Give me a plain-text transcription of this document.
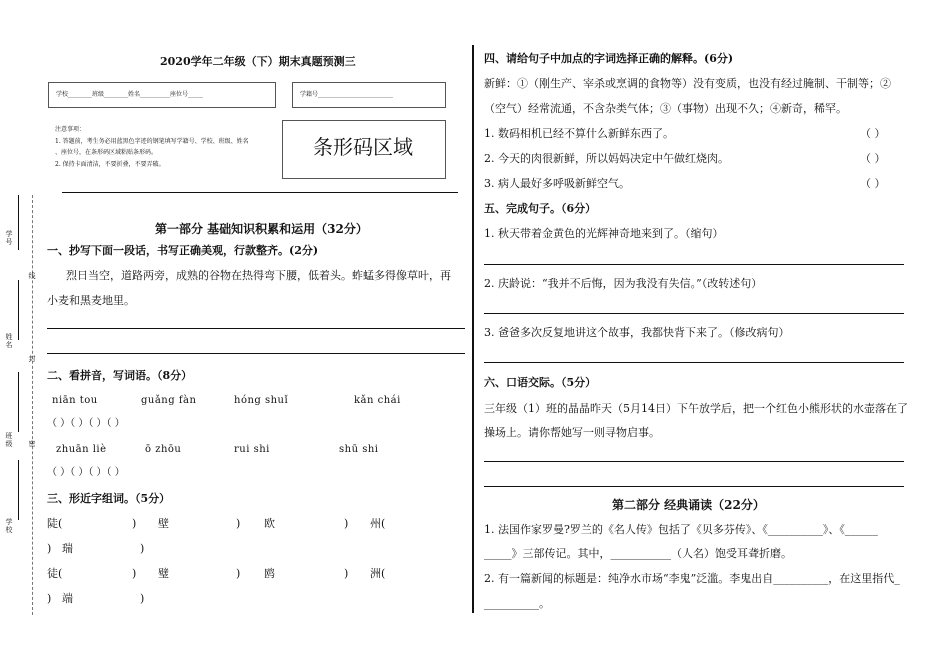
学号
线
姓名
封
班级 密
学校
2020学年二年级（下）期末真题预测三
学校________班级________姓名__________座位号_____	学籍号_________________________
注意事项：
1. 答题前，考生务必用蓝黑色字迹的钢笔填写学籍号、学校、班级、姓名
、座位号，在条形码区域粘贴条形码。
2. 保持卡面清洁，不要折叠，不要弄破。
条形码区域
第一部分 基础知识积累和运用（32分）
一、抄写下面一段话，书写正确美观，行款整齐。(2分)
烈日当空，道路两旁，成熟的谷物在热得弯下腰，低着头。蚱蜢多得像草叶，再
小麦和黑麦地里。
二、看拼音，写词语。（8分）
niān tou	guǎng fàn	hóng shuǐ	kǎn chái
（ ）（ ）（ ）（ ）
zhuān liè	ō zhōu	rui shi	shū shi
（ ）（ ）（ ）（ ）
三、形近字组词。（5分）
陡(	) 壁	) 欧	) 州(
) 瑞	)
徒(	) 璧	) 鸥	) 洲(
) 端	)
四、请给句子中加点的字词选择正确的解释。(6分)
新鲜：①（刚生产、宰杀或烹调的食物等）没有变质，也没有经过腌制、干制等；②
（空气）经常流通，不含杂类气体；③（事物）出现不久；④新奇，稀罕。
1. 数码相机已经不算什么新鲜东西了。	（ ）
2. 今天的肉很新鲜，所以妈妈决定中午做红烧肉。	（ ）
3. 病人最好多呼吸新鲜空气。	（ ）
五、完成句子。（6分）
1. 秋天带着金黄色的光辉神奇地来到了。（缩句）
2. 庆龄说：“我并不后悔，因为我没有失信。”（改转述句）
3. 爸爸多次反复地讲这个故事，我都快背下来了。（修改病句）
六、口语交际。（5分）
三年级（1）班的晶晶昨天（5月14日）下午放学后，把一个红色小熊形状的水壶落在了
操场上。请你帮她写一则寻物启事。
第二部分 经典诵读（22分）
1. 法国作家罗曼?罗兰的《名人传》包括了《贝多芬传》、《__________》、《______
_____》三部传记。其中，___________（人名）饱受耳聋折磨。
2. 有一篇新闻的标题是：纯净水市场“李鬼”泛滥。李鬼出自__________，在这里指代_
__________。
